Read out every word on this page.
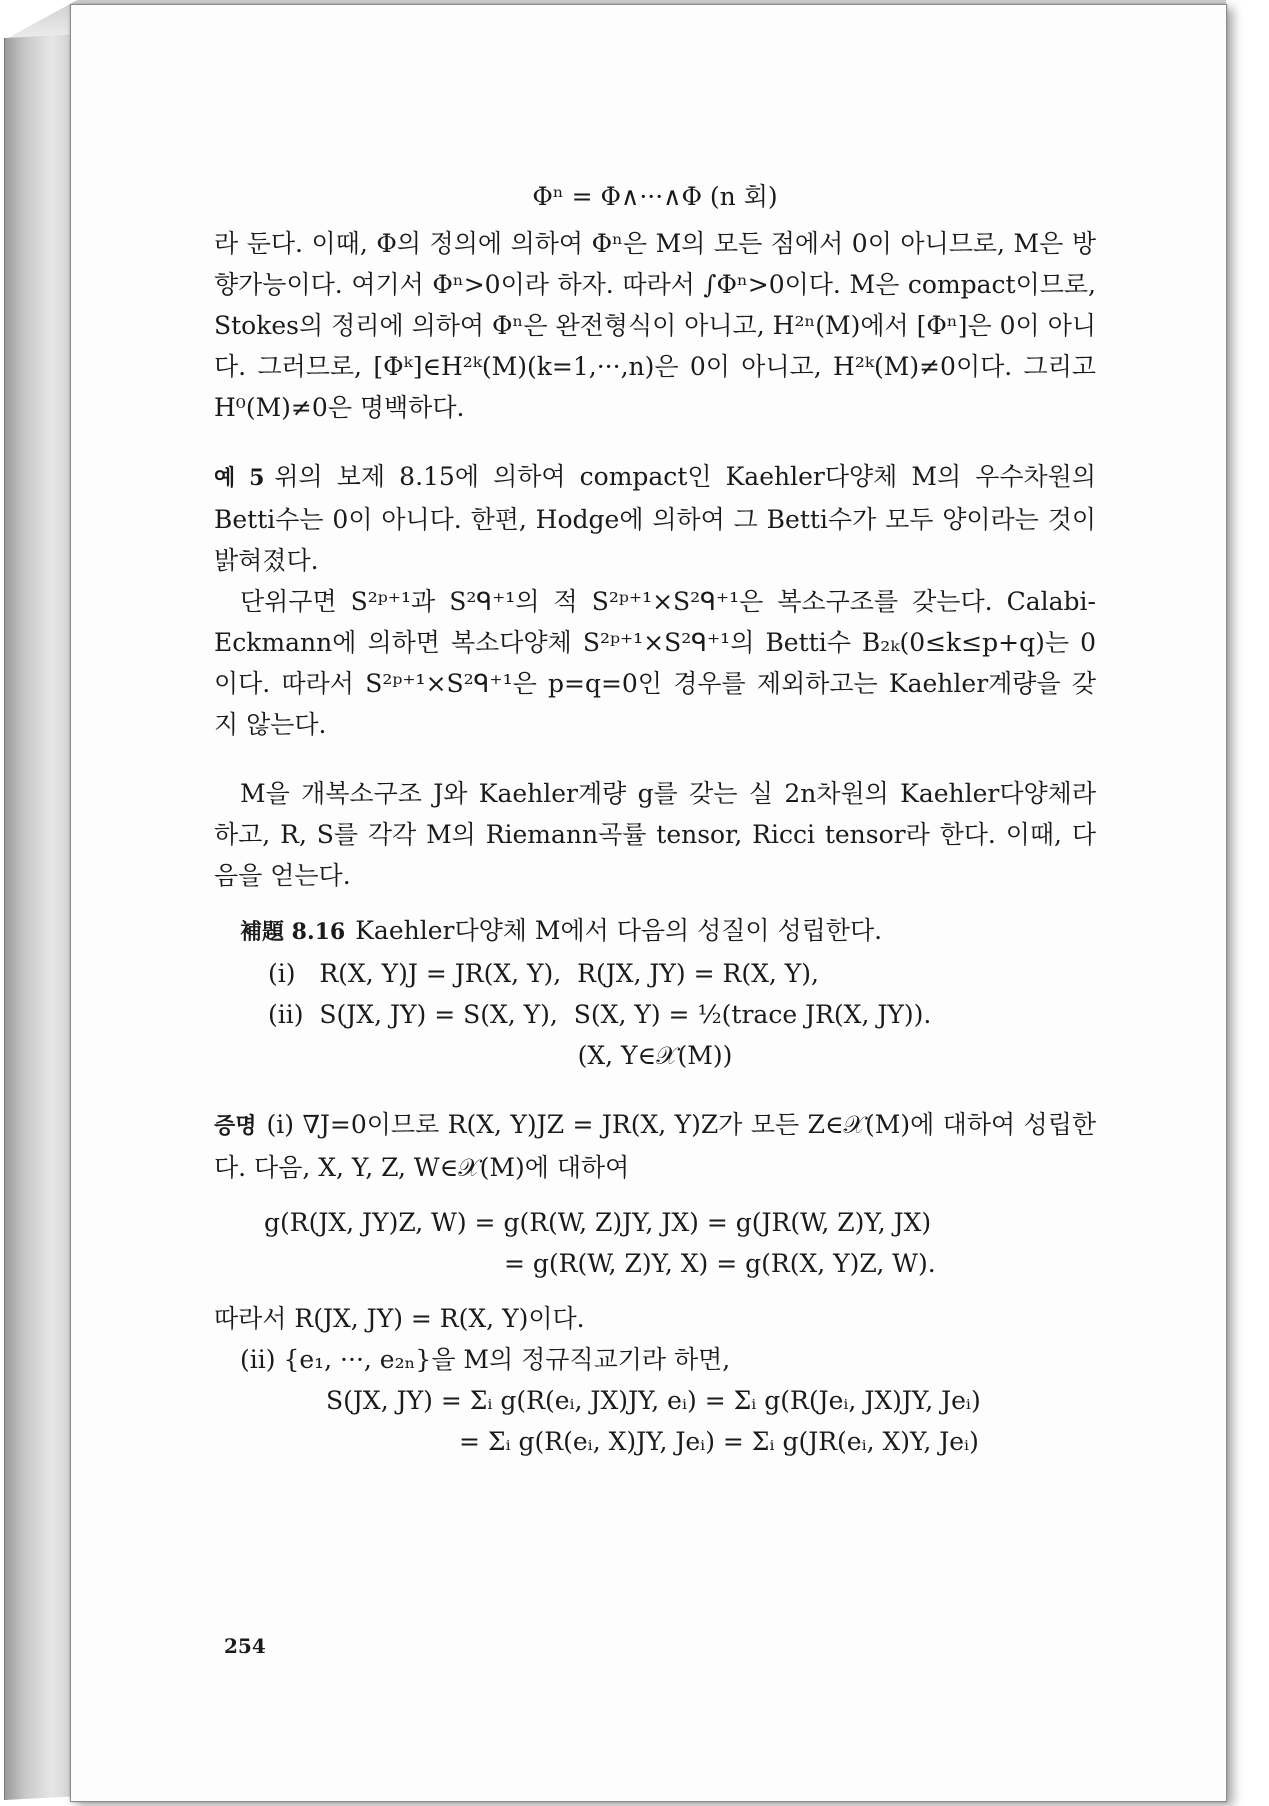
Φⁿ = Φ∧···∧Φ (n 회)

라 둔다. 이때, Φ의 정의에 의하여 Φⁿ은 M의 모든 점에서 0이 아니므로, M은 방향가능이다. 여기서 Φⁿ>0이라 하자. 따라서 ∫Φⁿ>0이다. M은 compact이므로, Stokes의 정리에 의하여 Φⁿ은 완전형식이 아니고, H²ⁿ(M)에서 [Φⁿ]은 0이 아니다. 그러므로, [Φᵏ]∈H²ᵏ(M)(k=1,···,n)은 0이 아니고, H²ᵏ(M)≠0이다. 그리고 H⁰(M)≠0은 명백하다.

예 5 위의 보제 8.15에 의하여 compact인 Kaehler다양체 M의 우수차원의 Betti수는 0이 아니다. 한편, Hodge에 의하여 그 Betti수가 모두 양이라는 것이 밝혀졌다.

단위구면 S²ᵖ⁺¹과 S²ᑫ⁺¹의 적 S²ᵖ⁺¹×S²ᑫ⁺¹은 복소구조를 갖는다. Calabi-Eckmann에 의하면 복소다양체 S²ᵖ⁺¹×S²ᑫ⁺¹의 Betti수 B₂ₖ(0≤k≤p+q)는 0이다. 따라서 S²ᵖ⁺¹×S²ᑫ⁺¹은 p=q=0인 경우를 제외하고는 Kaehler계량을 갖지 않는다.

M을 개복소구조 J와 Kaehler계량 g를 갖는 실 2n차원의 Kaehler다양체라 하고, R, S를 각각 M의 Riemann곡률 tensor, Ricci tensor라 한다. 이때, 다음을 얻는다.

補題 8.16 Kaehler다양체 M에서 다음의 성질이 성립한다.

(i)   R(X, Y)J = JR(X, Y),  R(JX, JY) = R(X, Y),

(ii)  S(JX, JY) = S(X, Y),  S(X, Y) = ½(trace JR(X, JY)).

(X, Y∈𝒳(M))

증명 (i) ∇J=0이므로 R(X, Y)JZ = JR(X, Y)Z가 모든 Z∈𝒳(M)에 대하여 성립한다. 다음, X, Y, Z, W∈𝒳(M)에 대하여

g(R(JX, JY)Z, W) = g(R(W, Z)JY, JX) = g(JR(W, Z)Y, JX)

= g(R(W, Z)Y, X) = g(R(X, Y)Z, W).

따라서 R(JX, JY) = R(X, Y)이다.

(ii) {e₁, ···, e₂ₙ}을 M의 정규직교기라 하면,

S(JX, JY) = Σᵢ g(R(eᵢ, JX)JY, eᵢ) = Σᵢ g(R(Jeᵢ, JX)JY, Jeᵢ)

= Σᵢ g(R(eᵢ, X)JY, Jeᵢ) = Σᵢ g(JR(eᵢ, X)Y, Jeᵢ)

254
